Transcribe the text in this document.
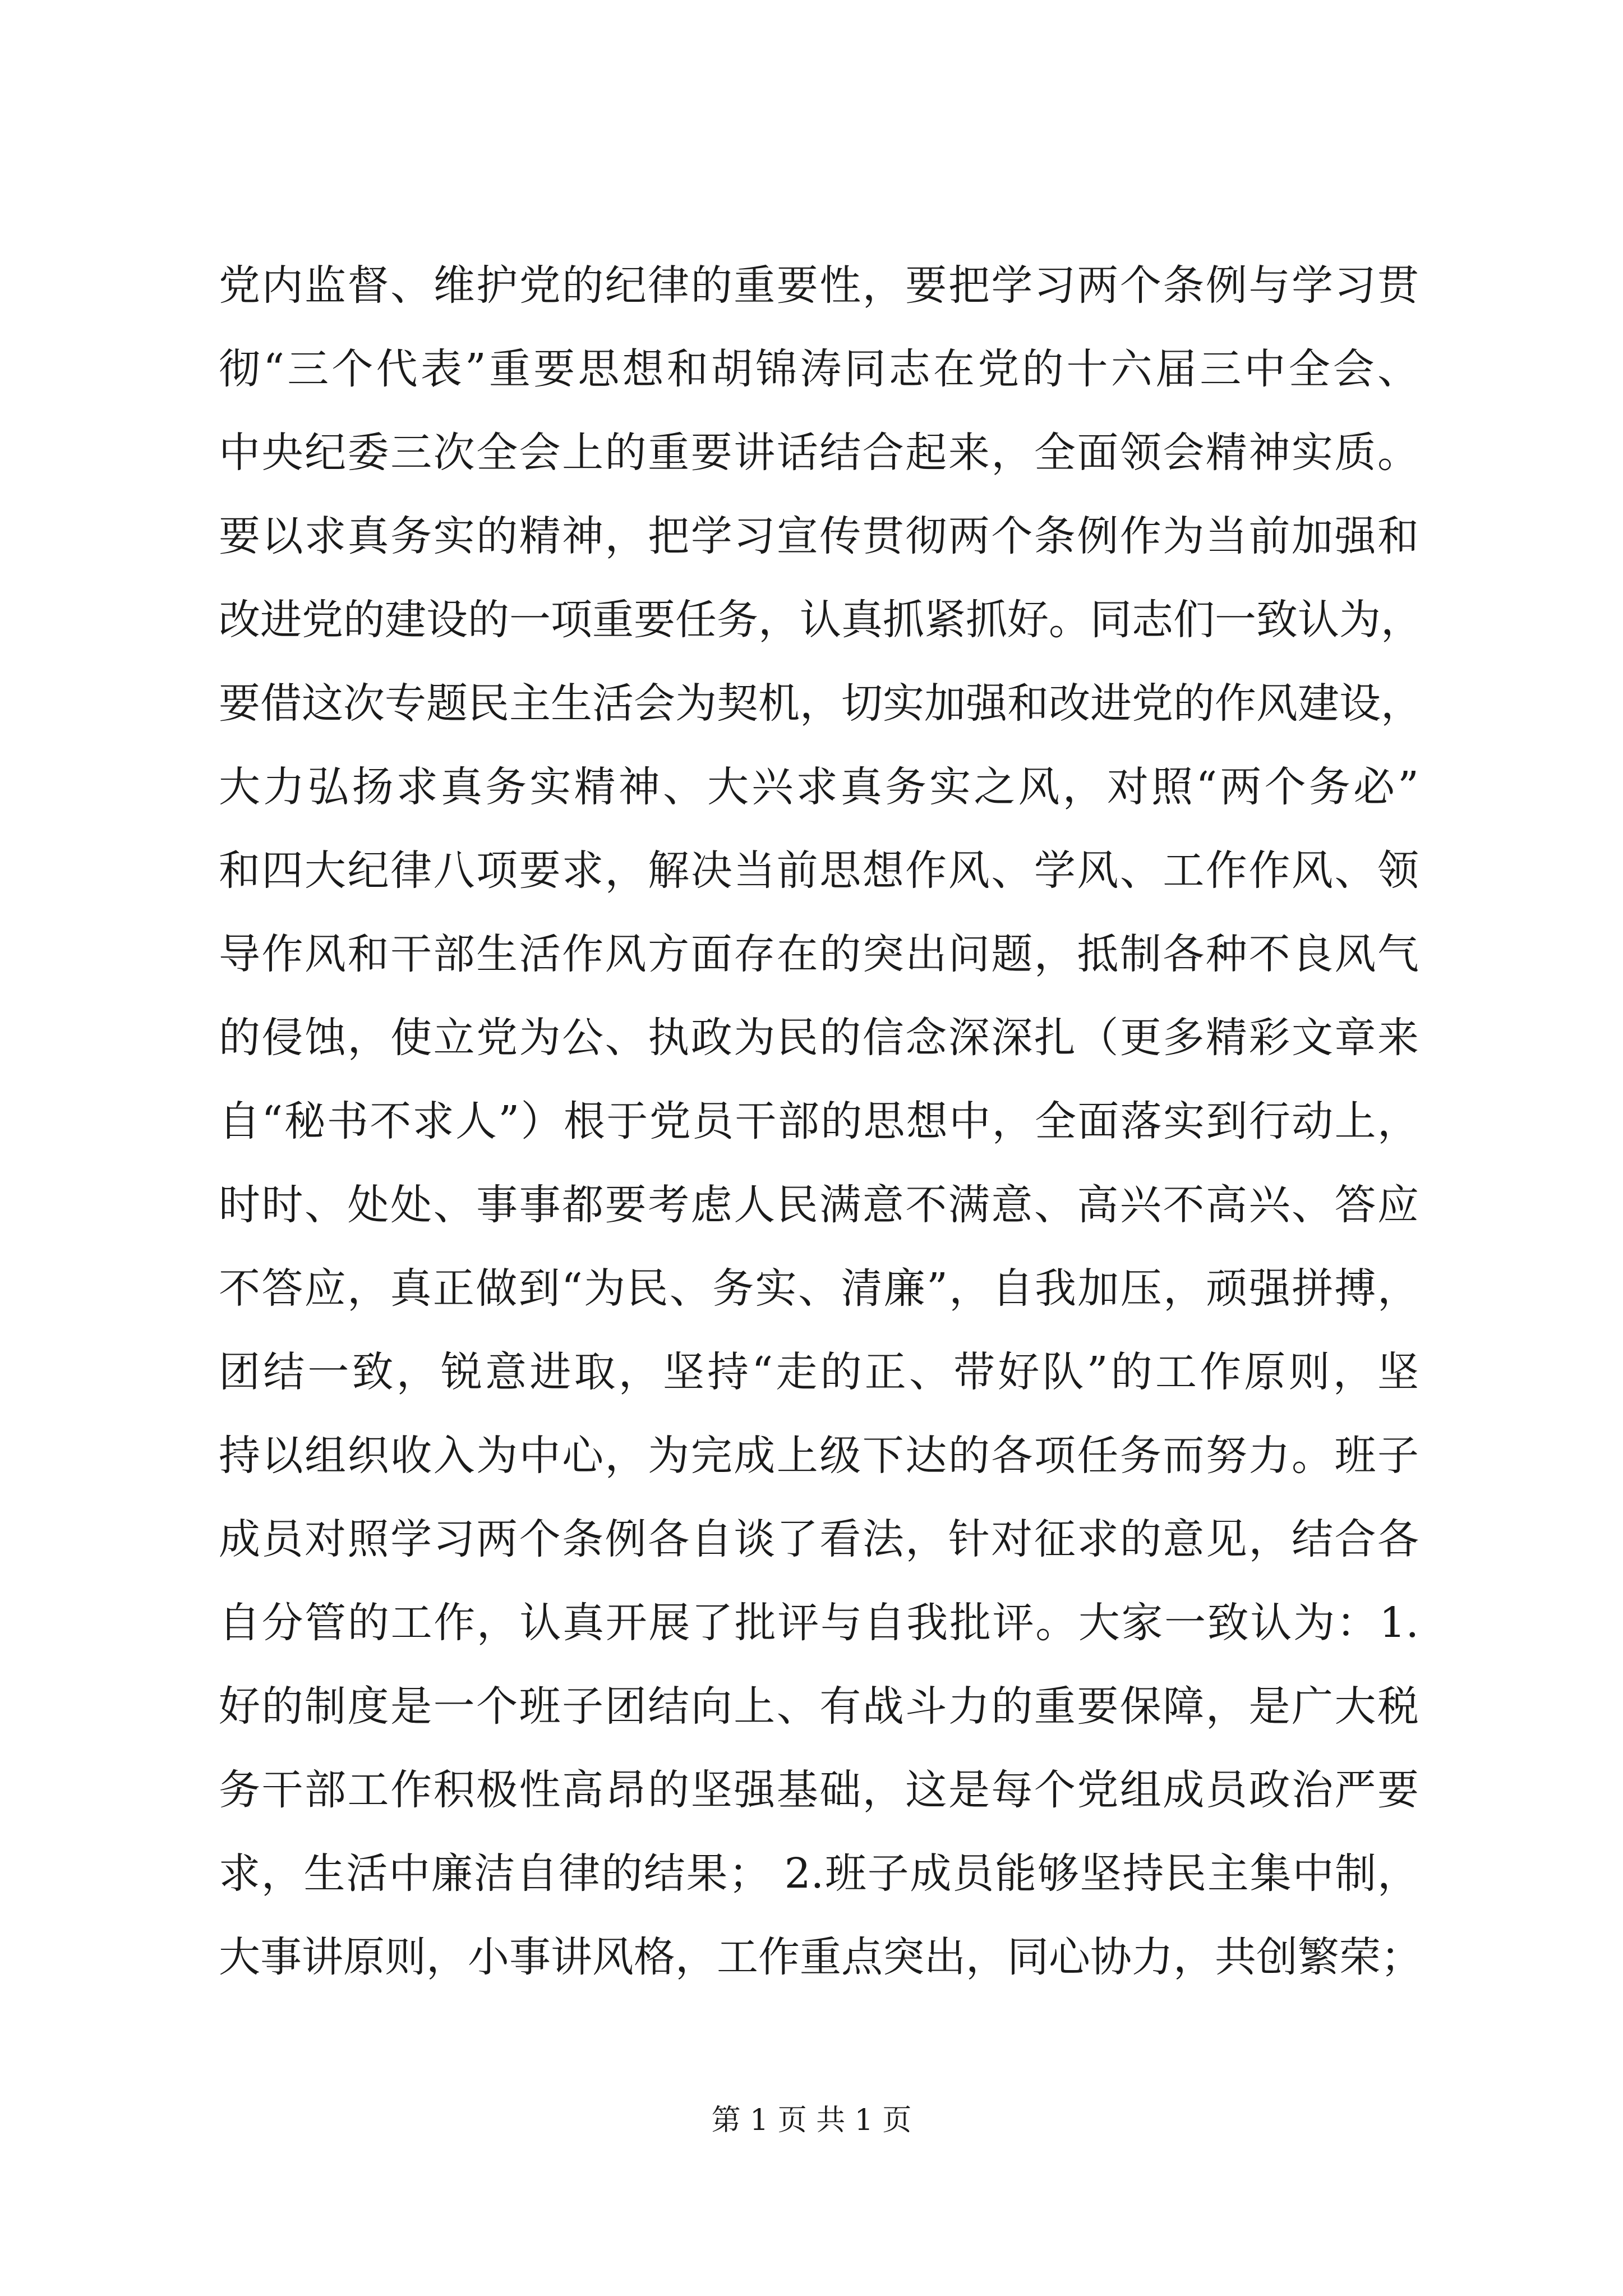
党内监督、维护党的纪律的重要性，要把学习两个条例与学习贯
彻“三个代表”重要思想和胡锦涛同志在党的十六届三中全会、
中央纪委三次全会上的重要讲话结合起来，全面领会精神实质。
要以求真务实的精神，把学习宣传贯彻两个条例作为当前加强和
改进党的建设的一项重要任务，认真抓紧抓好。同志们一致认为，
要借这次专题民主生活会为契机，切实加强和改进党的作风建设，
大力弘扬求真务实精神、大兴求真务实之风，对照“两个务必”
和四大纪律八项要求，解决当前思想作风、学风、工作作风、领
导作风和干部生活作风方面存在的突出问题，抵制各种不良风气
的侵蚀，使立党为公、执政为民的信念深深扎（更多精彩文章来
自“秘书不求人”）根于党员干部的思想中，全面落实到行动上，
时时、处处、事事都要考虑人民满意不满意、高兴不高兴、答应
不答应，真正做到“为民、务实、清廉”，自我加压，顽强拼搏，
团结一致，锐意进取，坚持“走的正、带好队”的工作原则，坚
持以组织收入为中心，为完成上级下达的各项任务而努力。班子
成员对照学习两个条例各自谈了看法，针对征求的意见，结合各
自分管的工作，认真开展了批评与自我批评。大家一致认为：1.
好的制度是一个班子团结向上、有战斗力的重要保障，是广大税
务干部工作积极性高昂的坚强基础，这是每个党组成员政治严要
求，生活中廉洁自律的结果； 2.班子成员能够坚持民主集中制，
大事讲原则，小事讲风格，工作重点突出，同心协力，共创繁荣；
第 1 页 共 1 页
